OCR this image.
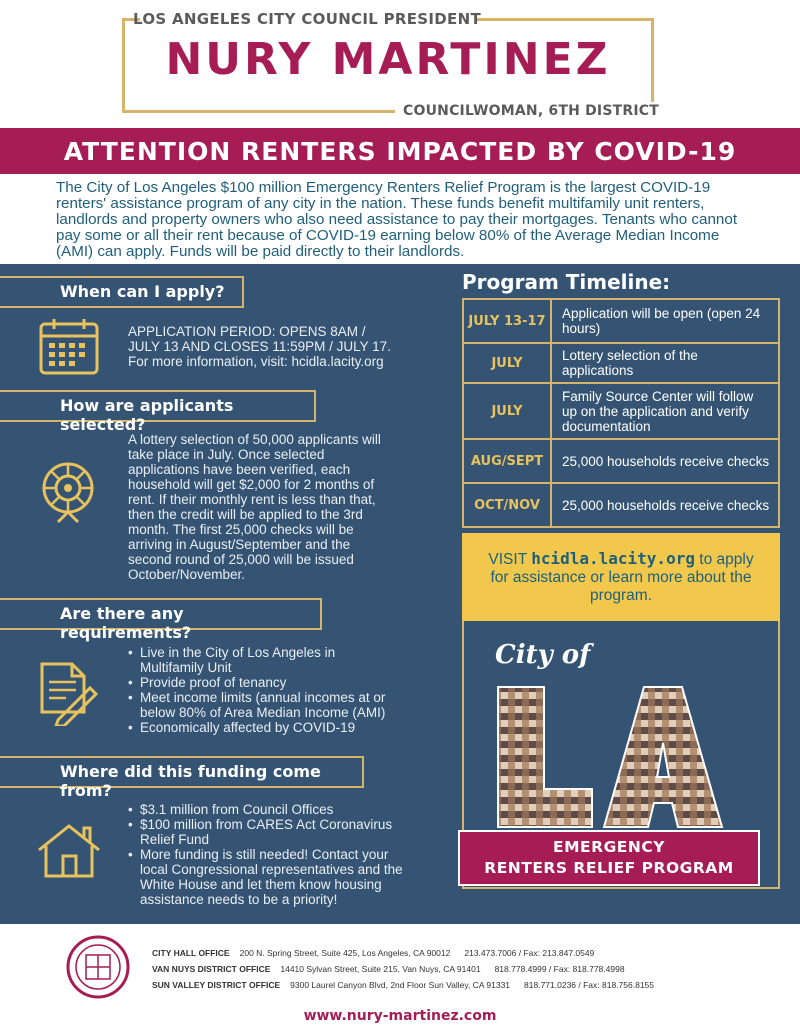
LOS ANGELES CITY COUNCIL PRESIDENT
NURY MARTINEZ
COUNCILWOMAN, 6TH DISTRICT
ATTENTION RENTERS IMPACTED BY COVID-19

The City of Los Angeles $100 million Emergency Renters Relief Program is the largest COVID-19 renters' assistance program of any city in the nation. These funds benefit multifamily unit renters, landlords and property owners who also need assistance to pay their mortgages. Tenants who cannot pay some or all their rent because of COVID-19 earning below 80% of the Average Median Income (AMI) can apply. Funds will be paid directly to their landlords.

When can I apply?
APPLICATION PERIOD: OPENS 8AM /
JULY 13 AND CLOSES 11:59PM / JULY 17.
For more information, visit: hcidla.lacity.org
How are applicants selected?
A lottery selection of 50,000 applicants will take place in July. Once selected applications have been verified, each household will get $2,000 for 2 months of rent. If their monthly rent is less than that, then the credit will be applied to the 3rd month. The first 25,000 checks will be arriving in August/September and the second round of 25,000 will be issued October/November.
Are there any requirements?
• Live in the City of Los Angeles in Multifamily Unit
• Provide proof of tenancy
• Meet income limits (annual incomes at or below 80% of Area Median Income (AMI)
• Economically affected by COVID-19
Where did this funding come from?
• $3.1 million from Council Offices
• $100 million from CARES Act Coronavirus Relief Fund
• More funding is still needed! Contact your local Congressional representatives and the White House and let them know housing assistance needs to be a priority!
Program Timeline:
JULY 13-17	Application will be open (open 24 hours)
JULY	Lottery selection of the applications
JULY	Family Source Center will follow up on the application and verify documentation
AUG/SEPT	25,000 households receive checks
OCT/NOV	25,000 households receive checks

VISIT hcidla.lacity.org to apply for assistance or learn more about the program.

City of
LA
EMERGENCY
RENTERS RELIEF PROGRAM
CITY HALL OFFICE 200 N. Spring Street, Suite 425, Los Angeles, CA 90012 213.473.7006 / Fax: 213.847.0549
VAN NUYS DISTRICT OFFICE 14410 Sylvan Street, Suite 215, Van Nuys, CA 91401 818.778.4999 / Fax: 818.778.4998
SUN VALLEY DISTRICT OFFICE 9300 Laurel Canyon Blvd, 2nd Floor Sun Valley, CA 91331 818.771.0236 / Fax: 818.756.8155
www.nury-martinez.com
